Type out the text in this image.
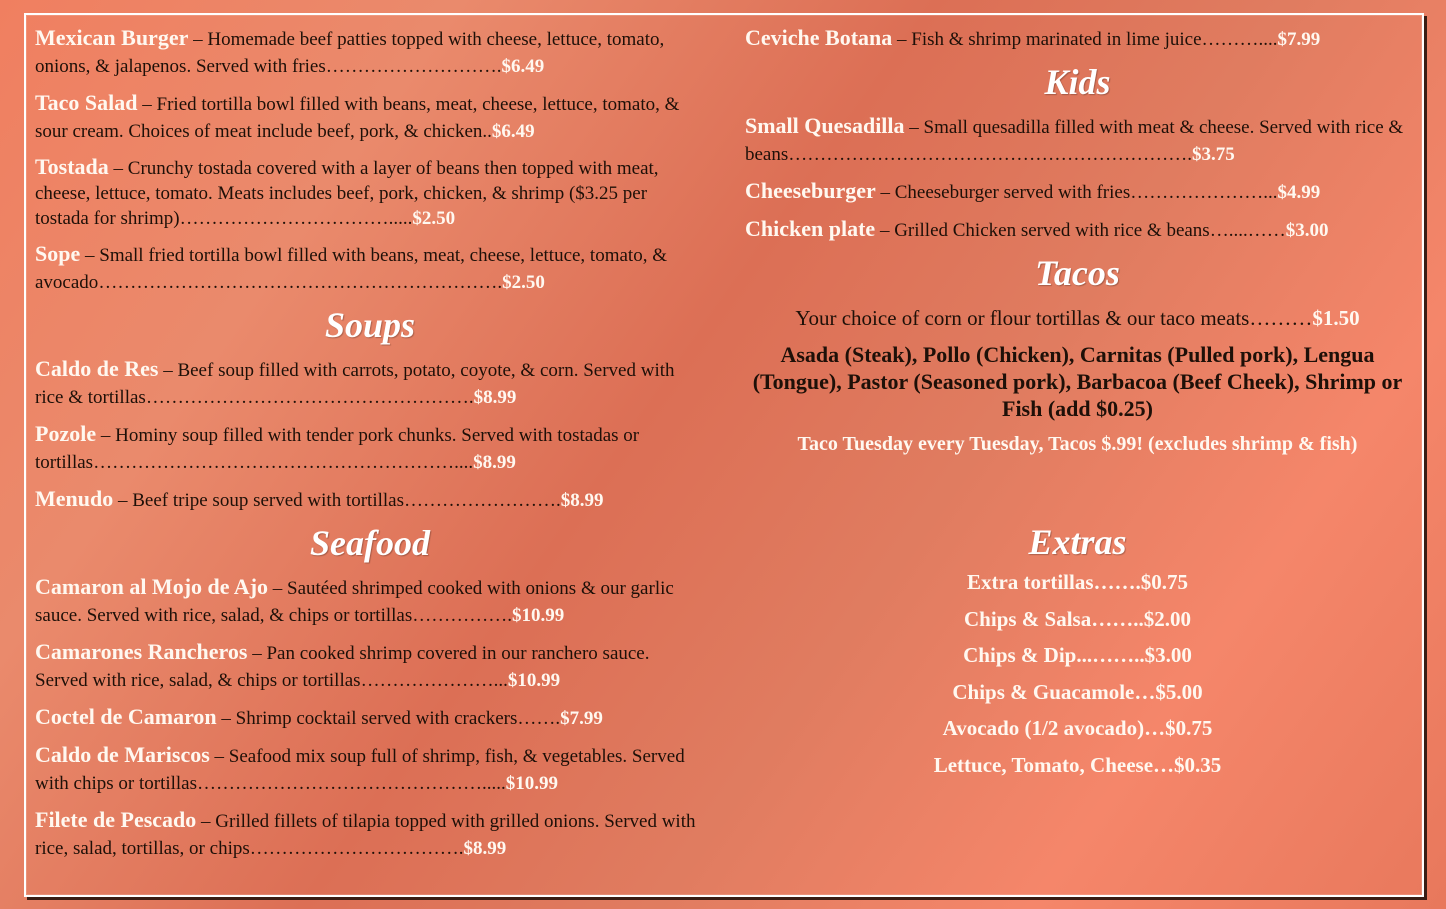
Mexican Burger – Homemade beef patties topped with cheese, lettuce, tomato, onions, & jalapenos. Served with fries……………………….$6.49
Taco Salad – Fried tortilla bowl filled with beans, meat, cheese, lettuce, tomato, & sour cream. Choices of meat include beef, pork, & chicken..$6.49
Tostada – Crunchy tostada covered with a layer of beans then topped with meat, cheese, lettuce, tomato. Meats includes beef, pork, chicken, & shrimp ($3.25 per tostada for shrimp)…………………………….....$2.50
Sope – Small fried tortilla bowl filled with beans, meat, cheese, lettuce, tomato, & avocado……………………………………………………….$2.50
Soups
Caldo de Res – Beef soup filled with carrots, potato, coyote, & corn. Served with rice & tortillas…………………………………………….$8.99
Pozole – Hominy soup filled with tender pork chunks. Served with tostadas or tortillas…………………………………………………....$8.99
Menudo – Beef tripe soup served with tortillas…………………….$8.99
Seafood
Camaron al Mojo de Ajo – Sautéed shrimped cooked with onions & our garlic sauce. Served with rice, salad, & chips or tortillas…………….$10.99
Camarones Rancheros – Pan cooked shrimp covered in our ranchero sauce. Served with rice, salad, & chips or tortillas…………………...$10.99
Coctel de Camaron – Shrimp cocktail served with crackers…….$7.99
Caldo de Mariscos – Seafood mix soup full of shrimp, fish, & vegetables. Served with chips or tortillas……………………………………….....$10.99
Filete de Pescado – Grilled fillets of tilapia topped with grilled onions. Served with rice, salad, tortillas, or chips…………………………….$8.99
Ceviche Botana – Fish & shrimp marinated in lime juice………....$7.99
Kids
Small Quesadilla – Small quesadilla filled with meat & cheese. Served with rice & beans……………………………………………………….$3.75
Cheeseburger – Cheeseburger served with fries…………………...$4.99
Chicken plate – Grilled Chicken served with rice & beans…....……$3.00
Tacos
Your choice of corn or flour tortillas & our taco meats………$1.50
Asada (Steak), Pollo (Chicken), Carnitas (Pulled pork), Lengua (Tongue), Pastor (Seasoned pork), Barbacoa (Beef Cheek), Shrimp or Fish (add $0.25)
Taco Tuesday every Tuesday, Tacos $.99! (excludes shrimp & fish)
Extras
Extra tortillas…….$0.75
Chips & Salsa……..$2.00
Chips & Dip...……..$3.00
Chips & Guacamole…$5.00
Avocado (1/2 avocado)…$0.75
Lettuce, Tomato, Cheese…$0.35
